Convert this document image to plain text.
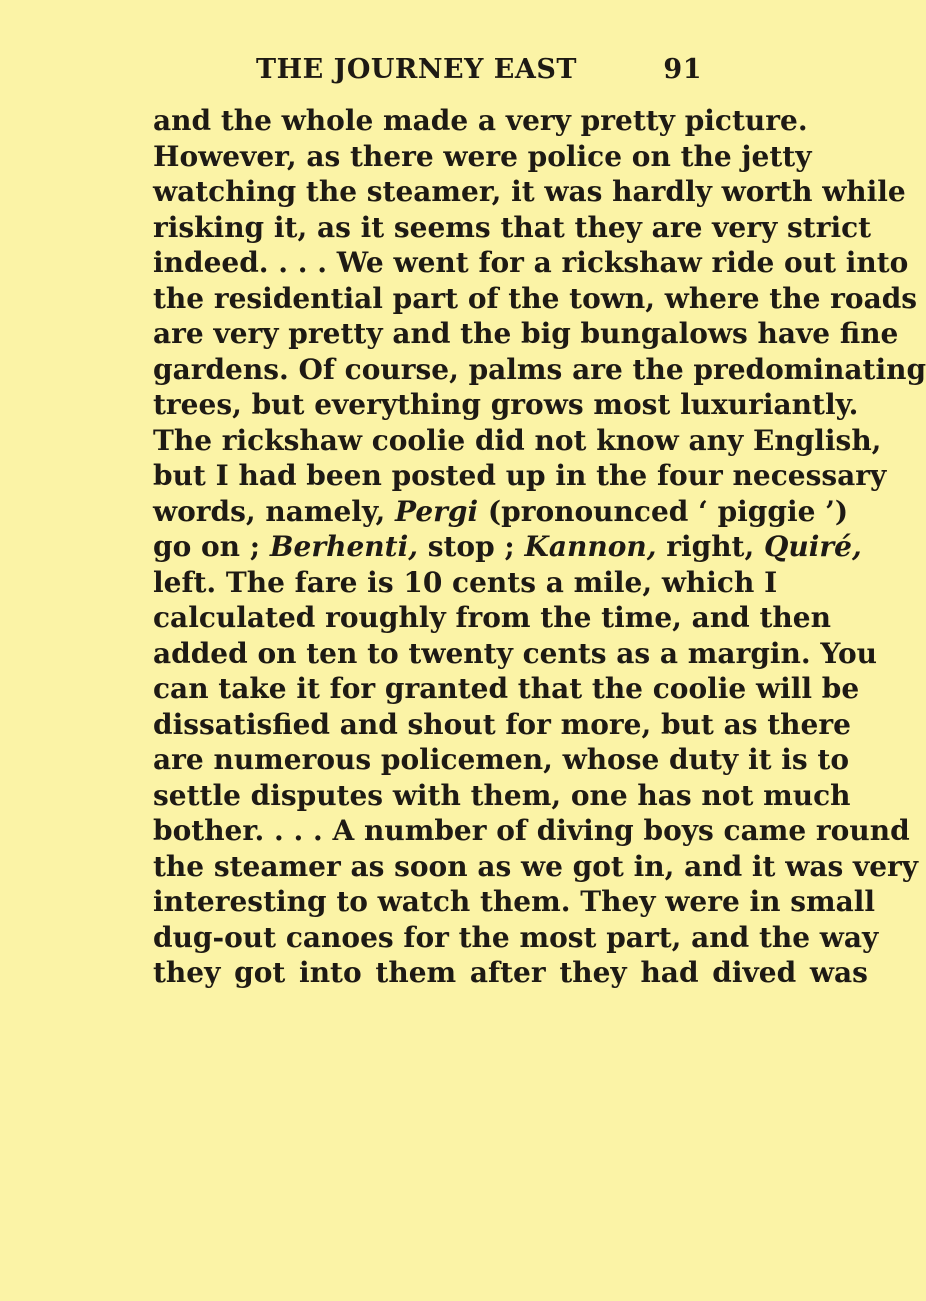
THE JOURNEY EAST	91
and the whole made a very pretty picture.
However, as there were police on the jetty
watching the steamer, it was hardly worth while
risking it, as it seems that they are very strict
indeed. . . . We went for a rickshaw ride out into
the residential part of the town, where the roads
are very pretty and the big bungalows have fine
gardens. Of course, palms are the predominating
trees, but everything grows most luxuriantly.
The rickshaw coolie did not know any English,
but I had been posted up in the four necessary
words, namely, Pergi (pronounced ‘ piggie ’)
go on ; Berhenti, stop ; Kannon, right, Quiré,
left. The fare is 10 cents a mile, which I
calculated roughly from the time, and then
added on ten to twenty cents as a margin. You
can take it for granted that the coolie will be
dissatisfied and shout for more, but as there
are numerous policemen, whose duty it is to
settle disputes with them, one has not much
bother. . . . A number of diving boys came round
the steamer as soon as we got in, and it was very
interesting to watch them. They were in small
dug-out canoes for the most part, and the way
they got into them after they had dived was
